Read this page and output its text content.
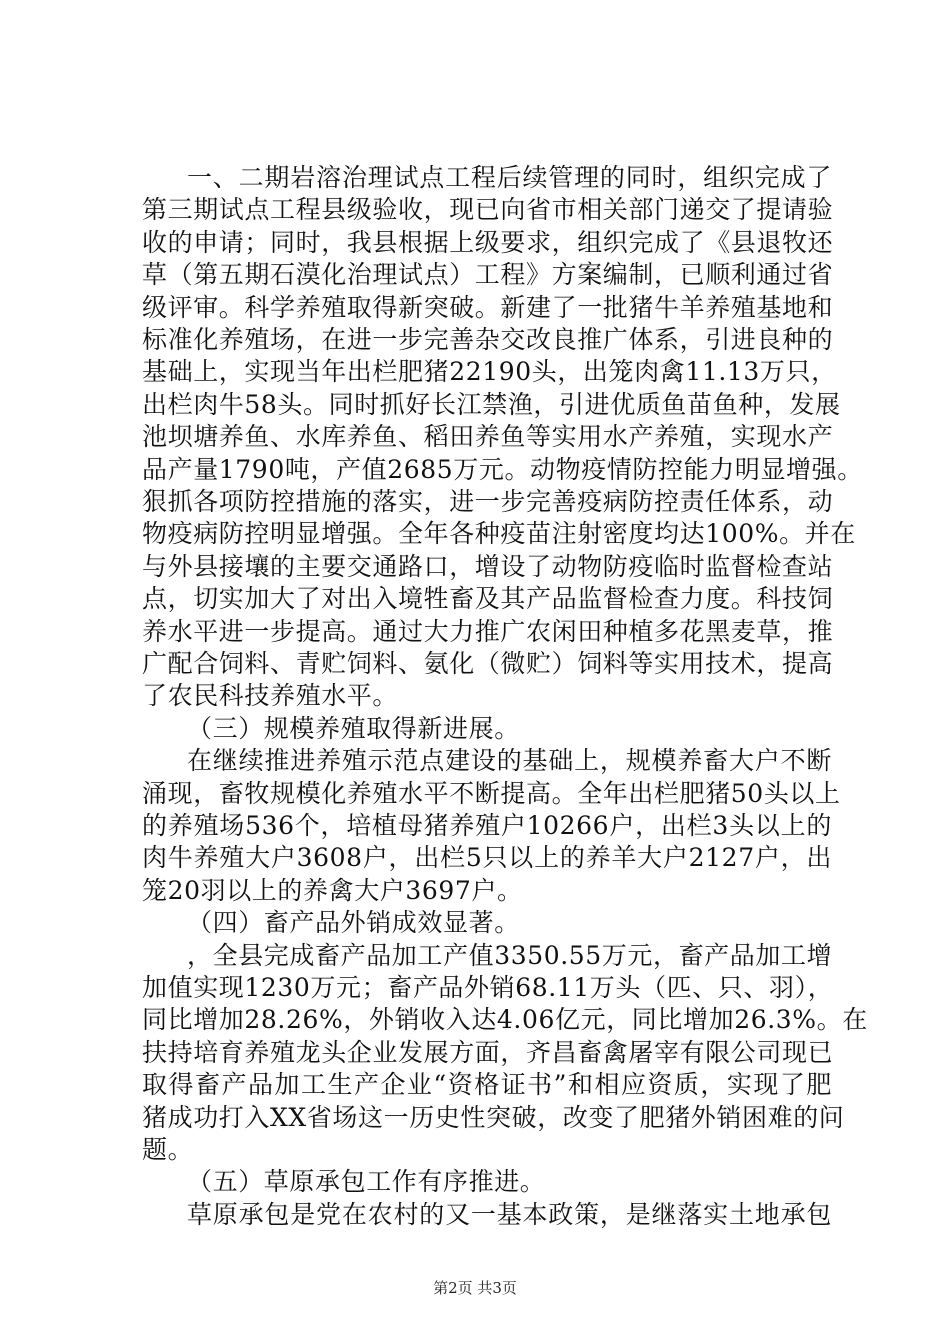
一、二期岩溶治理试点工程后续管理的同时，组织完成了
第三期试点工程县级验收，现已向省市相关部门递交了提请验
收的申请；同时，我县根据上级要求，组织完成了《县退牧还
草（第五期石漠化治理试点）工程》方案编制，已顺利通过省
级评审。科学养殖取得新突破。新建了一批猪牛羊养殖基地和
标准化养殖场，在进一步完善杂交改良推广体系，引进良种的
基础上，实现当年出栏肥猪22190头，出笼肉禽11.13万只，
出栏肉牛58头。同时抓好长江禁渔，引进优质鱼苗鱼种，发展
池坝塘养鱼、水库养鱼、稻田养鱼等实用水产养殖，实现水产
品产量1790吨，产值2685万元。动物疫情防控能力明显增强。
狠抓各项防控措施的落实，进一步完善疫病防控责任体系，动
物疫病防控明显增强。全年各种疫苗注射密度均达100%。并在
与外县接壤的主要交通路口，增设了动物防疫临时监督检查站
点，切实加大了对出入境牲畜及其产品监督检查力度。科技饲
养水平进一步提高。通过大力推广农闲田种植多花黑麦草，推
广配合饲料、青贮饲料、氨化（微贮）饲料等实用技术，提高
了农民科技养殖水平。
（三）规模养殖取得新进展。
在继续推进养殖示范点建设的基础上，规模养畜大户不断
涌现，畜牧规模化养殖水平不断提高。全年出栏肥猪50头以上
的养殖场536个，培植母猪养殖户10266户，出栏3头以上的
肉牛养殖大户3608户，出栏5只以上的养羊大户2127户，出
笼20羽以上的养禽大户3697户。
（四）畜产品外销成效显著。
，全县完成畜产品加工产值3350.55万元，畜产品加工增
加值实现1230万元；畜产品外销68.11万头（匹、只、羽），
同比增加28.26%，外销收入达4.06亿元，同比增加26.3%。在
扶持培育养殖龙头企业发展方面，齐昌畜禽屠宰有限公司现已
取得畜产品加工生产企业“资格证书”和相应资质，实现了肥
猪成功打入XX省场这一历史性突破，改变了肥猪外销困难的问
题。
（五）草原承包工作有序推进。
草原承包是党在农村的又一基本政策，是继落实土地承包
第2页 共3页
